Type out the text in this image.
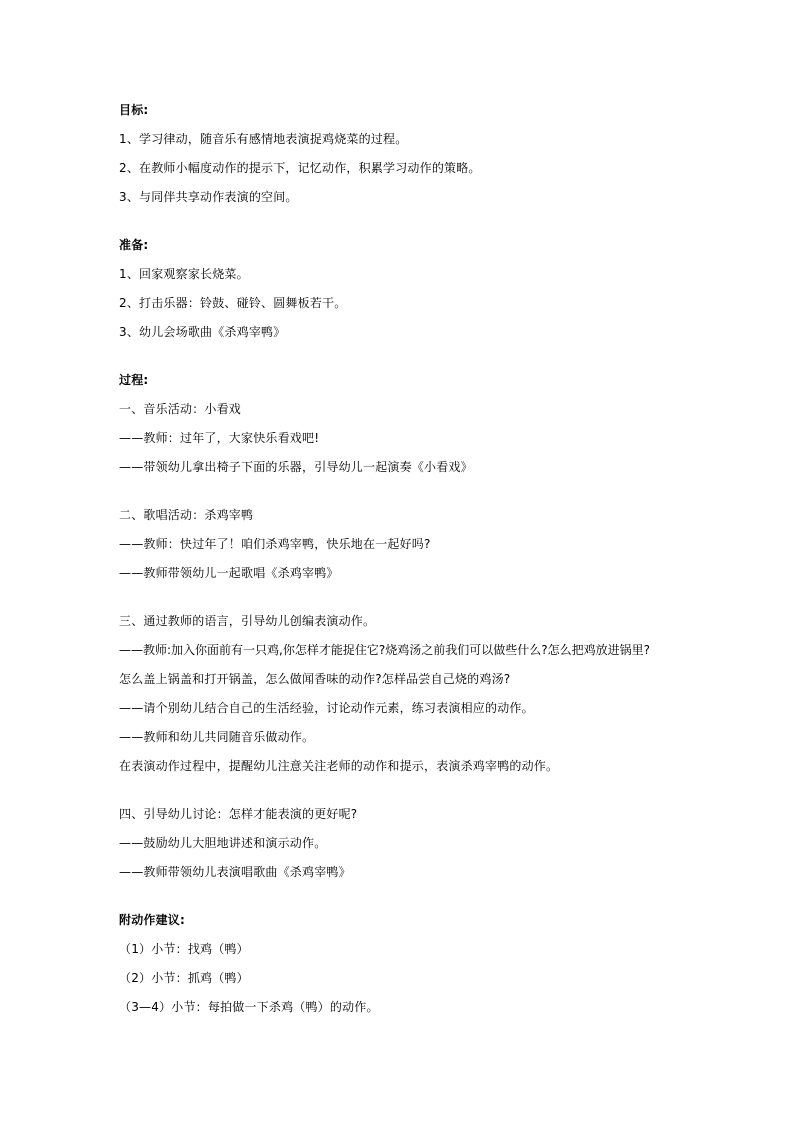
目标:
1、学习律动，随音乐有感情地表演捉鸡烧菜的过程。
2、在教师小幅度动作的提示下，记忆动作，积累学习动作的策略。
3、与同伴共享动作表演的空间。
准备:
1、回家观察家长烧菜。
2、打击乐器：铃鼓、碰铃、圆舞板若干。
3、幼儿会场歌曲《杀鸡宰鸭》
过程:
一、音乐活动：小看戏
——教师：过年了，大家快乐看戏吧!
——带领幼儿拿出椅子下面的乐器，引导幼儿一起演奏《小看戏》
二、歌唱活动：杀鸡宰鸭
——教师：快过年了！咱们杀鸡宰鸭，快乐地在一起好吗?
——教师带领幼儿一起歌唱《杀鸡宰鸭》
三、通过教师的语言，引导幼儿创编表演动作。
——教师:加入你面前有一只鸡,你怎样才能捉住它?烧鸡汤之前我们可以做些什么?怎么把鸡放进锅里?
怎么盖上锅盖和打开锅盖，怎么做闻香味的动作?怎样品尝自己烧的鸡汤?
——请个别幼儿结合自己的生活经验，讨论动作元素，练习表演相应的动作。
——教师和幼儿共同随音乐做动作。
在表演动作过程中，提醒幼儿注意关注老师的动作和提示，表演杀鸡宰鸭的动作。
四、引导幼儿讨论：怎样才能表演的更好呢?
——鼓励幼儿大胆地讲述和演示动作。
——教师带领幼儿表演唱歌曲《杀鸡宰鸭》
附动作建议:
（1）小节：找鸡（鸭）
（2）小节：抓鸡（鸭）
（3—4）小节：每拍做一下杀鸡（鸭）的动作。
